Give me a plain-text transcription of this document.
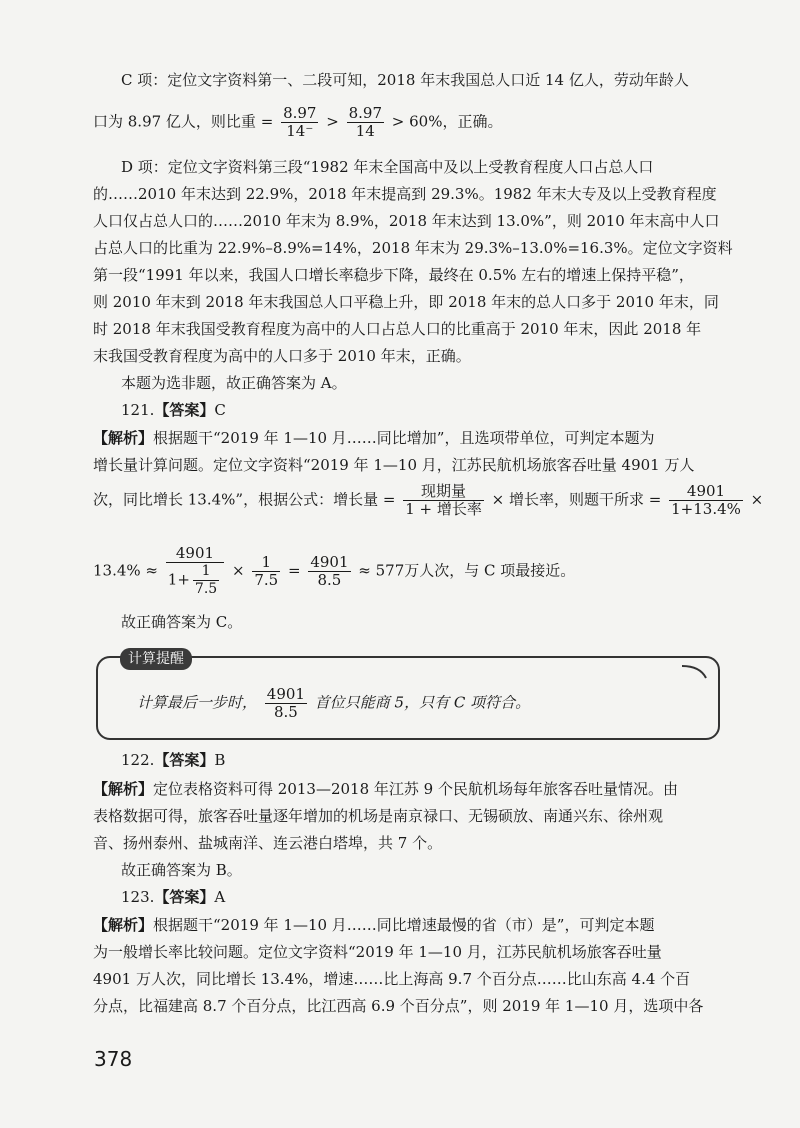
C 项：定位文字资料第一、二段可知，2018 年末我国总人口近 14 亿人，劳动年龄人
口为 8.97 亿人，则比重 = $\frac{8.97}{14^-} > \frac{8.97}{14} > 60\%$，正确。
D 项：定位文字资料第三段“1982 年末全国高中及以上受教育程度人口占总人口
的……2010 年末达到 22.9%，2018 年末提高到 29.3%。1982 年末大专及以上受教育程度
人口仅占总人口的……2010 年末为 8.9%，2018 年末达到 13.0%”，则 2010 年末高中人口
占总人口的比重为 22.9%–8.9%=14%，2018 年末为 29.3%–13.0%=16.3%。定位文字资料
第一段“1991 年以来，我国人口增长率稳步下降，最终在 0.5% 左右的增速上保持平稳”，
则 2010 年末到 2018 年末我国总人口平稳上升，即 2018 年末的总人口多于 2010 年末，同
时 2018 年末我国受教育程度为高中的人口占总人口的比重高于 2010 年末，因此 2018 年
末我国受教育程度为高中的人口多于 2010 年末，正确。
本题为选非题，故正确答案为 A。
121.【答案】C
【解析】根据题干“2019 年 1—10 月……同比增加”，且选项带单位，可判定本题为
增长量计算问题。定位文字资料“2019 年 1—10 月，江苏民航机场旅客吞吐量 4901 万人
次，同比增长 13.4%”，根据公式：增长量 = $\frac{\text{现期量}}{\text{1 + 增长率}}$ × 增长率，则题干所求 = $\frac{4901}{1+13.4\%}$ ×
$13.4\% \approx \frac{4901}{1+ \frac{1}{7.5}} \times \frac{1}{7.5} = \frac{4901}{8.5} \approx 577$万人次，与 C 项最接近。
故正确答案为 C。
计算提醒
计算最后一步时， $\frac{4901}{8.5}$ 首位只能商 5，只有 C 项符合。
122.【答案】B
【解析】定位表格资料可得 2013—2018 年江苏 9 个民航机场每年旅客吞吐量情况。由
表格数据可得，旅客吞吐量逐年增加的机场是南京禄口、无锡硕放、南通兴东、徐州观
音、扬州泰州、盐城南洋、连云港白塔埠，共 7 个。
故正确答案为 B。
123.【答案】A
【解析】根据题干“2019 年 1—10 月……同比增速最慢的省（市）是”，可判定本题
为一般增长率比较问题。定位文字资料“2019 年 1—10 月，江苏民航机场旅客吞吐量
4901 万人次，同比增长 13.4%，增速……比上海高 9.7 个百分点……比山东高 4.4 个百
分点，比福建高 8.7 个百分点，比江西高 6.9 个百分点”，则 2019 年 1—10 月，选项中各
378
